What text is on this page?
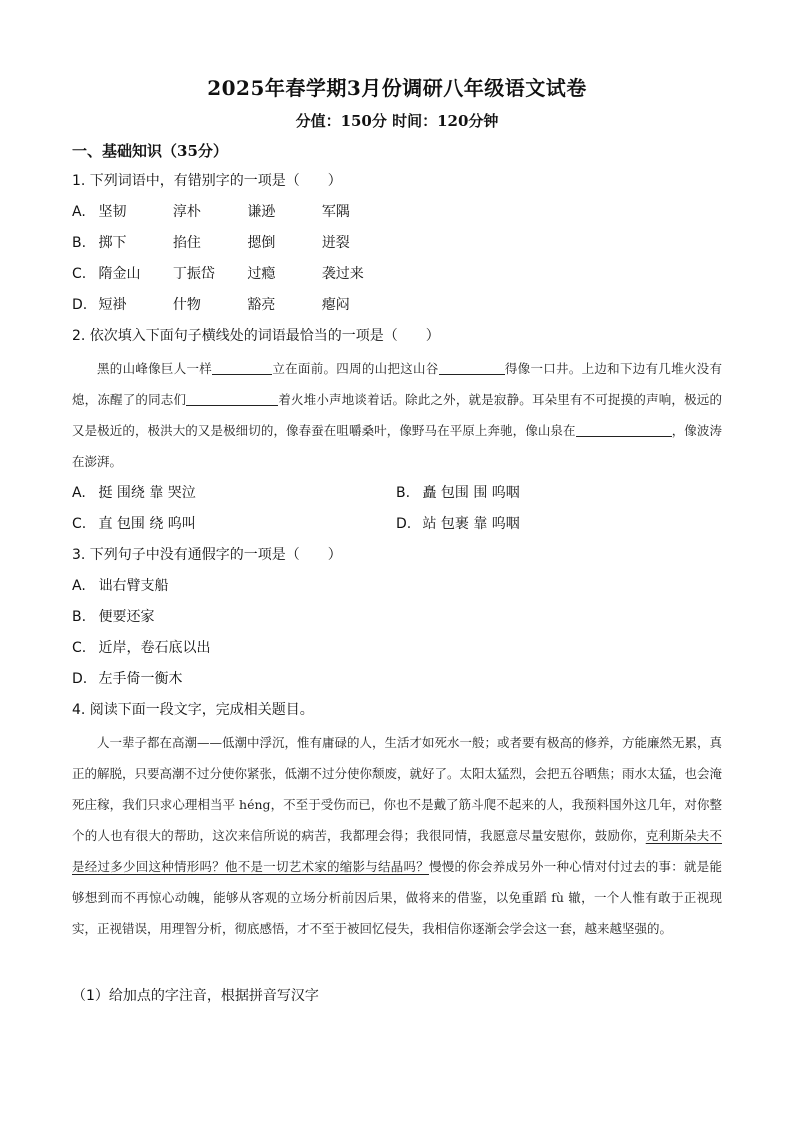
2025年春学期3月份调研八年级语文试卷
分值：150分 时间：120分钟
一、基础知识（35分）
1. 下列词语中，有错别字的一项是（　　）
A. 坚韧	淳朴	谦逊	军隅
B. 掷下	掐住	摁倒	迸裂
C. 隋金山 丁振岱 过瘾	袭过来
D. 短褂	什物	豁亮	瘪闷
2. 依次填入下面句子横线处的词语最恰当的一项是（　　）
黑的山峰像巨人一样	立在面前。四周的山把这山谷	得像一口井。上边和下边有几堆火没有熄，冻醒了的同志们	着火堆小声地谈着话。除此之外，就是寂静。耳朵里有不可捉摸的声响，极远的又是极近的，极洪大的又是极细切的，像春蚕在咀嚼桑叶，像野马在平原上奔驰，像山泉在	，像波涛在澎湃。
A. 挺 围绕 靠 哭泣	B. 矗 包围 围 呜咽
C. 直 包围 绕 呜叫	D. 站 包裹 靠 呜咽
3. 下列句子中没有通假字的一项是（　　）
A. 诎右臂支船
B. 便要还家
C. 近岸，卷石底以出
D. 左手倚一衡木
4. 阅读下面一段文字，完成相关题目。
人一辈子都在高潮——低潮中浮沉，惟有庸碌的人，生活才如死水一般；或者要有极高的修养，方能廉然无累，真正的解脱，只要高潮不过分使你紧张，低潮不过分使你颓废，就好了。太阳太猛烈，会把五谷晒焦；雨水太猛，也会淹死庄稼，我们只求心理相当平 héng，不至于受伤而已，你也不是戴了筋斗爬不起来的人，我预料国外这几年，对你整个的人也有很大的帮助，这次来信所说的病苦，我都理会得；我很同情，我愿意尽量安慰你，鼓励你，克利斯朵夫不是经过多少回这种情形吗？他不是一切艺术家的缩影与结晶吗？慢慢的你会养成另外一种心情对付过去的事：就是能够想到而不再惊心动魄，能够从客观的立场分析前因后果，做将来的借鉴，以免重蹈 fù 辙，一个人惟有敢于正视现实，正视错误，用理智分析，彻底感悟，才不至于被回忆侵失，我相信你逐渐会学会这一套，越来越坚强的。
（1）给加点的字注音，根据拼音写汉字
